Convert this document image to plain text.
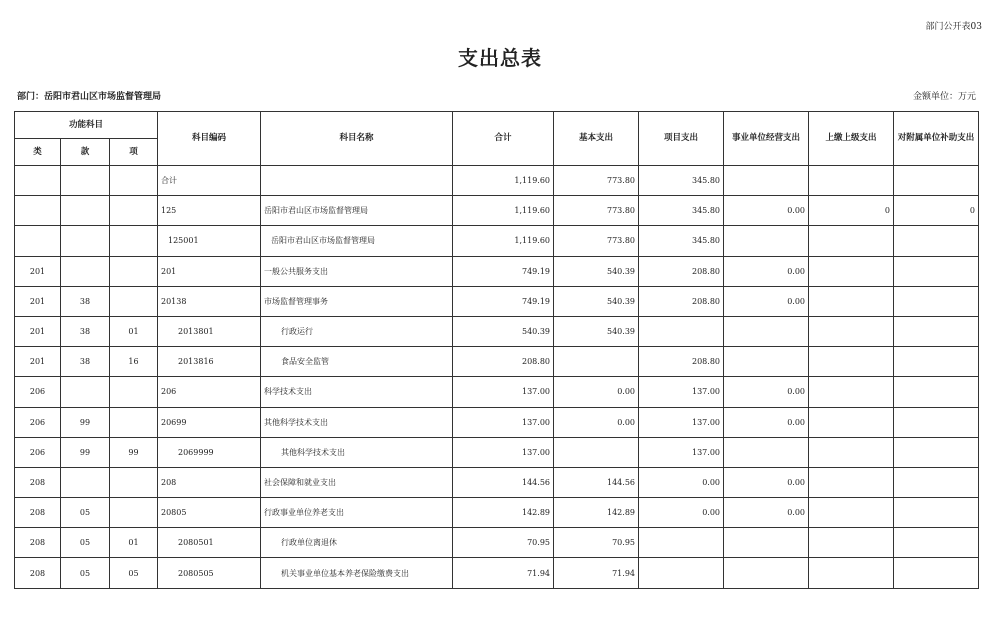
部门公开表03
支出总表
部门：岳阳市君山区市场监督管理局	金额单位：万元
功能科目			科目编码	科目名称	合计	基本支出	项目支出	事业单位经营支出	上缴上级支出	对附属单位补助支出
类	款	项								
			合计		1,119.60	773.80	345.80			
			125	岳阳市君山区市场监督管理局	1,119.60	773.80	345.80	0.00	0	0
			125001	岳阳市君山区市场监督管理局	1,119.60	773.80	345.80			
201			201	一般公共服务支出	749.19	540.39	208.80	0.00		
201	38		20138	市场监督管理事务	749.19	540.39	208.80	0.00		
201	38	01	2013801	行政运行	540.39	540.39				
201	38	16	2013816	食品安全监管	208.80		208.80			
206			206	科学技术支出	137.00	0.00	137.00	0.00		
206	99		20699	其他科学技术支出	137.00	0.00	137.00	0.00		
206	99	99	2069999	其他科学技术支出	137.00		137.00			
208			208	社会保障和就业支出	144.56	144.56	0.00	0.00		
208	05		20805	行政事业单位养老支出	142.89	142.89	0.00	0.00		
208	05	01	2080501	行政单位离退休	70.95	70.95				
208	05	05	2080505	机关事业单位基本养老保险缴费支出	71.94	71.94				
